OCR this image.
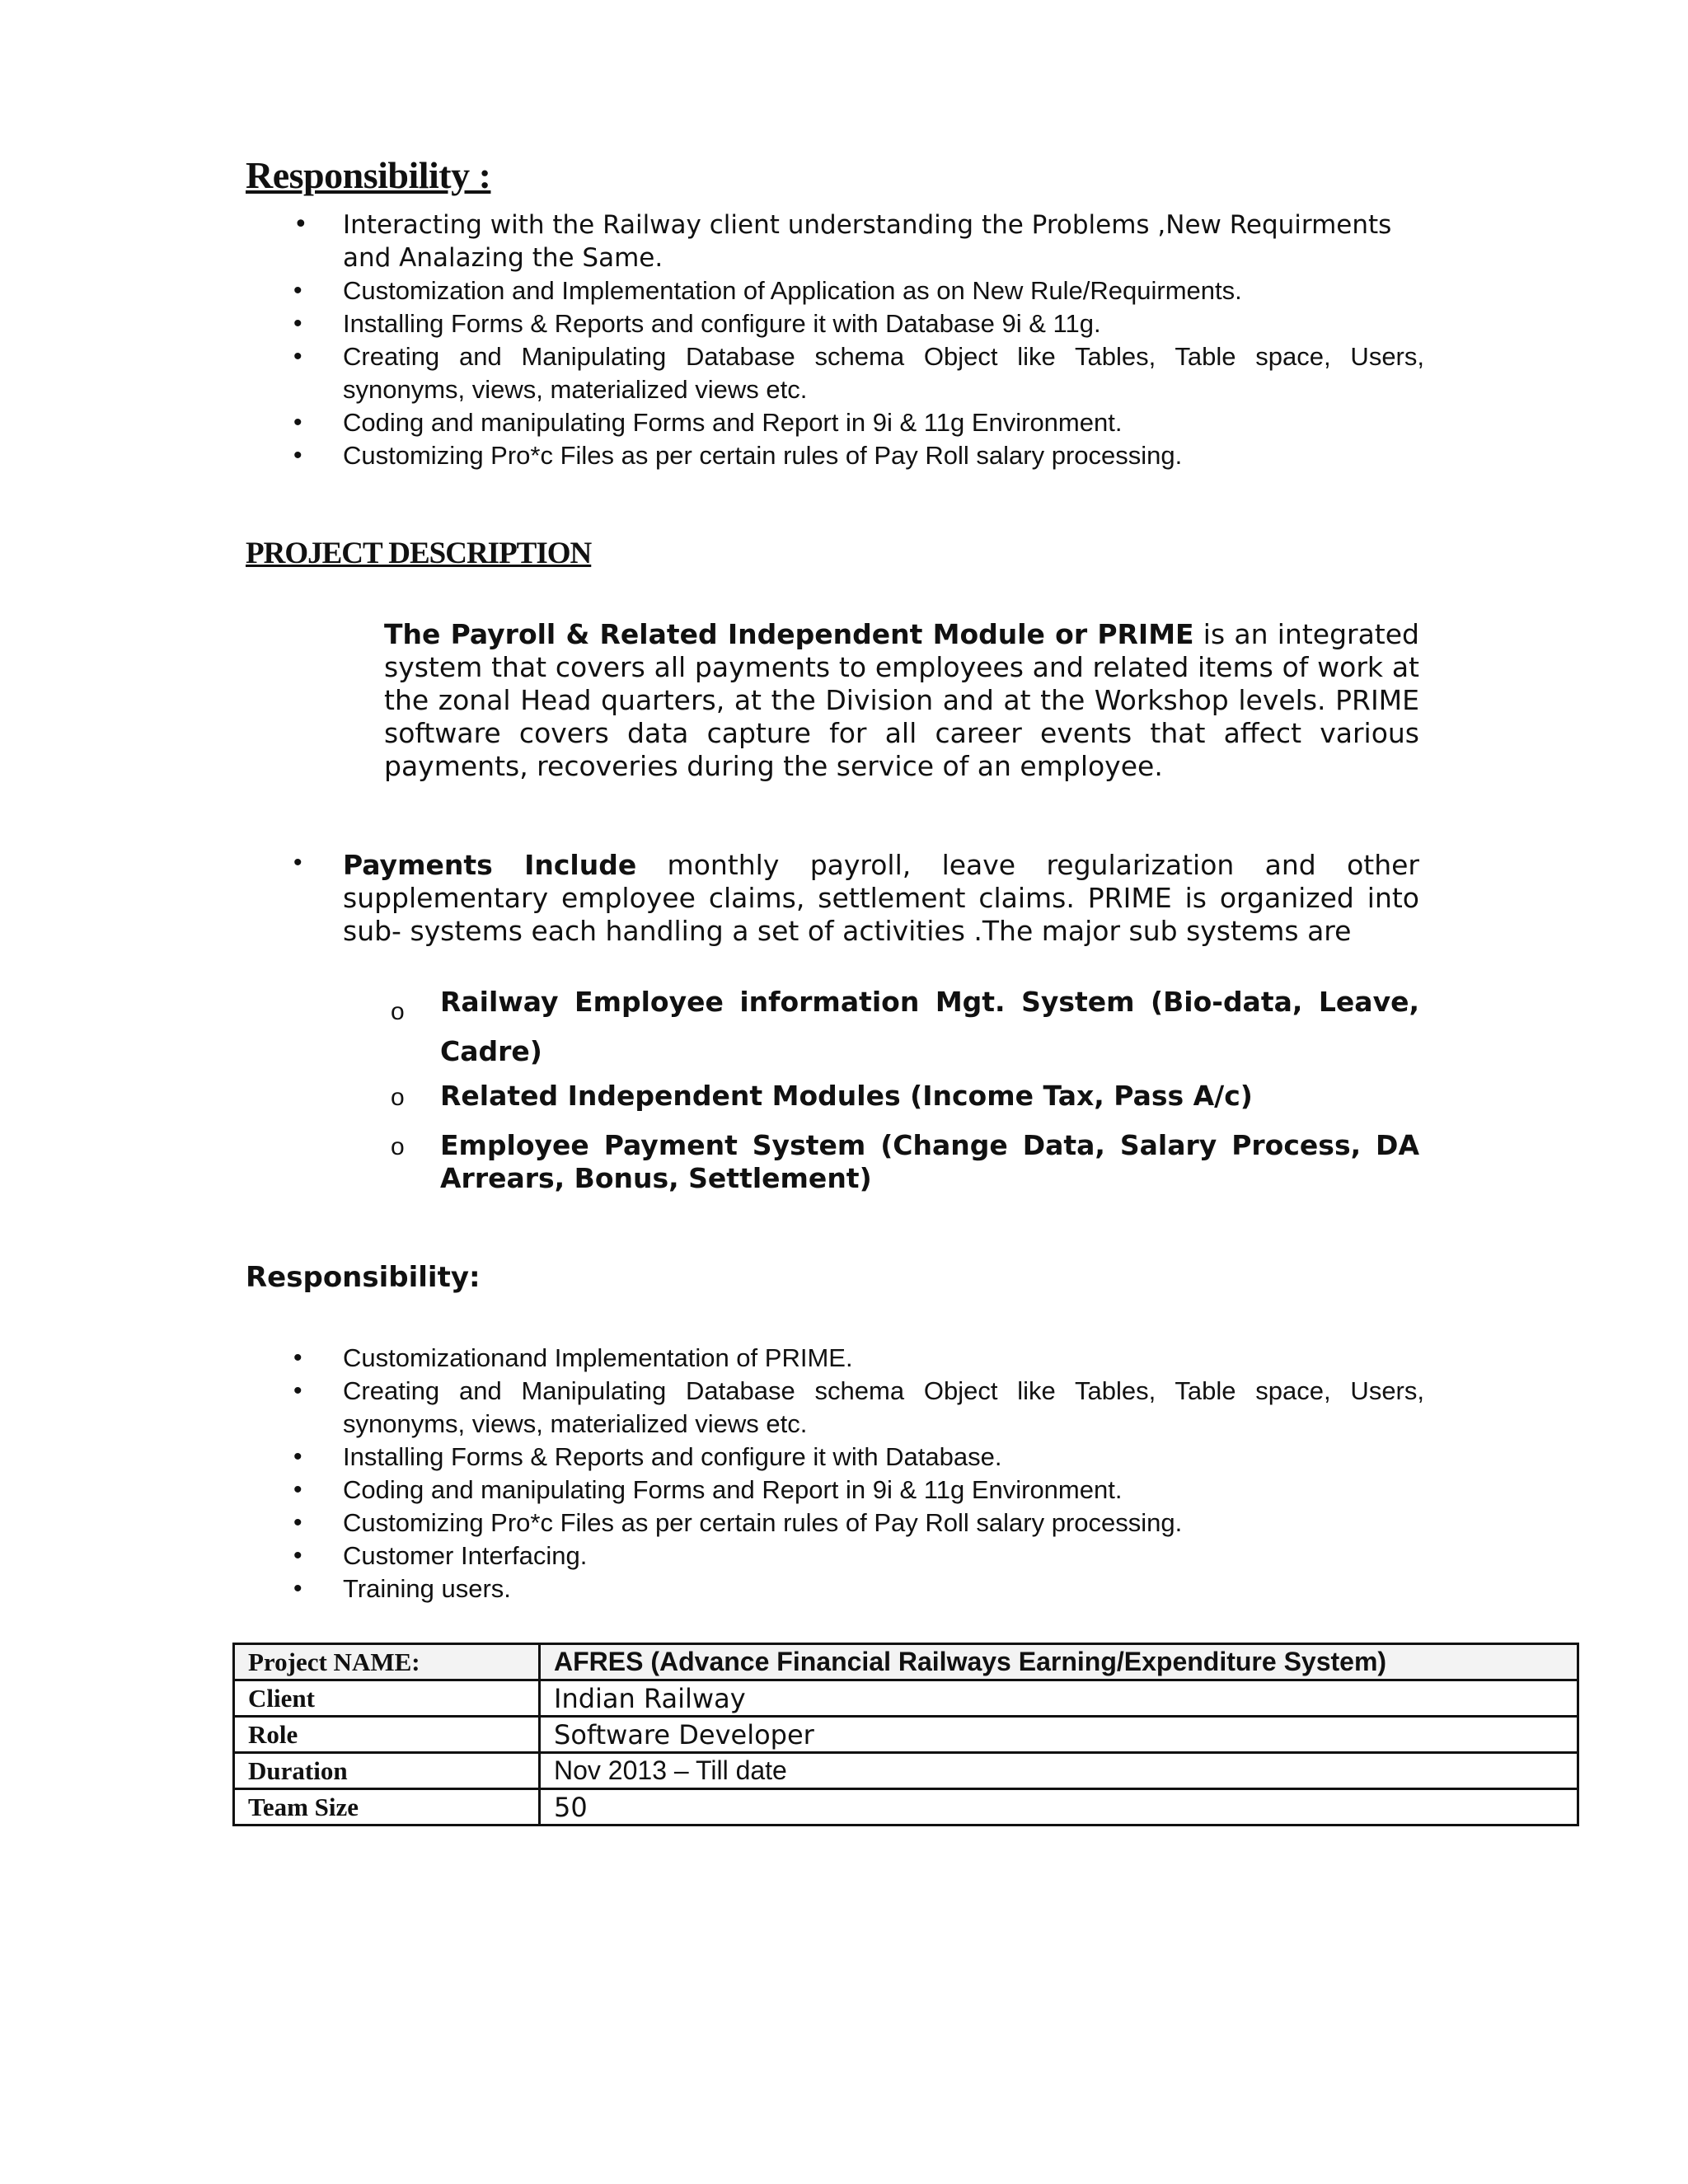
Responsibility :
• Interacting with the Railway client understanding the Problems ,New Requirments and Analazing the Same.
• Customization and Implementation of Application as on New Rule/Requirments.
• Installing Forms & Reports and configure it with Database 9i & 11g.
• Creating and Manipulating Database schema Object like Tables, Table space, Users, synonyms, views, materialized views etc.
• Coding and manipulating Forms and Report in 9i & 11g Environment.
• Customizing Pro*c Files as per certain rules of Pay Roll salary processing.
PROJECT DESCRIPTION
The Payroll & Related Independent Module or PRIME is an integrated system that covers all payments to employees and related items of work at the zonal Head quarters, at the Division and at the Workshop levels. PRIME software covers data capture for all career events that affect various payments, recoveries during the service of an employee.
• Payments Include monthly payroll, leave regularization and other supplementary employee claims, settlement claims. PRIME is organized into sub- systems each handling a set of activities .The major sub systems are
o Railway Employee information Mgt. System (Bio-data, Leave, Cadre)
o Related Independent Modules (Income Tax, Pass A/c)
o Employee Payment System (Change Data, Salary Process, DA Arrears, Bonus, Settlement)
Responsibility:
• Customizationand Implementation of PRIME.
• Creating and Manipulating Database schema Object like Tables, Table space, Users, synonyms, views, materialized views etc.
• Installing Forms & Reports and configure it with Database.
• Coding and manipulating Forms and Report in 9i & 11g Environment.
• Customizing Pro*c Files as per certain rules of Pay Roll salary processing.
• Customer Interfacing.
• Training users.
Project NAME:	AFRES (Advance Financial Railways Earning/Expenditure System)
Client	Indian Railway
Role	Software Developer
Duration	Nov 2013 – Till date
Team Size	50
